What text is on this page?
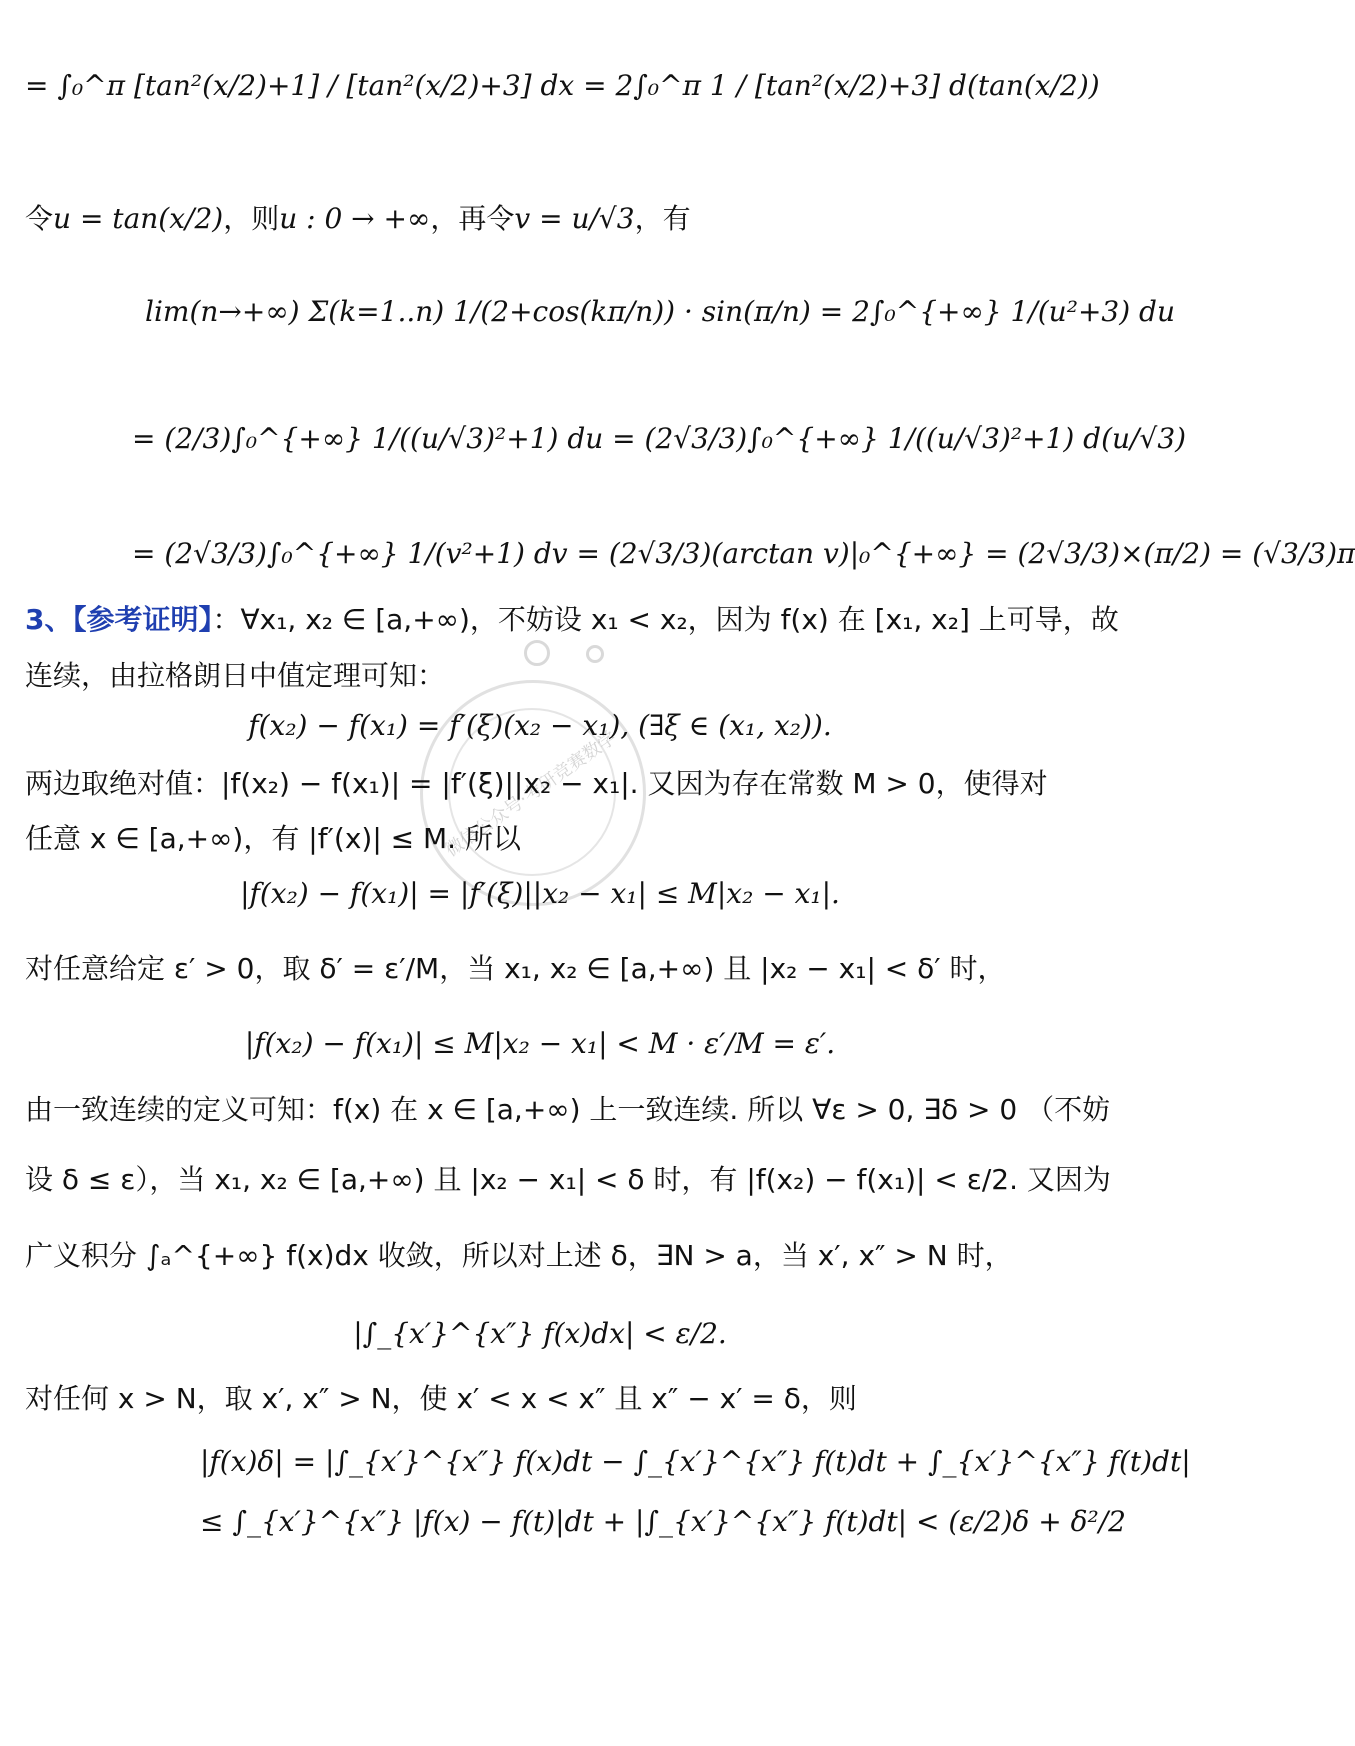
微信公众号·考研竞赛数学
= ∫₀^π [tan²(x/2)+1] / [tan²(x/2)+3] dx = 2∫₀^π 1 / [tan²(x/2)+3] d(tan(x/2))
令u = tan(x/2)，则u : 0 → +∞，再令v = u/√3，有
lim(n→+∞) Σ(k=1..n) 1/(2+cos(kπ/n)) · sin(π/n) = 2∫₀^{+∞} 1/(u²+3) du
= (2/3)∫₀^{+∞} 1/((u/√3)²+1) du = (2√3/3)∫₀^{+∞} 1/((u/√3)²+1) d(u/√3)
= (2√3/3)∫₀^{+∞} 1/(v²+1) dv = (2√3/3)(arctan v)|₀^{+∞} = (2√3/3)×(π/2) = (√3/3)π
3、【参考证明】：∀x₁, x₂ ∈ [a,+∞)，不妨设 x₁ < x₂，因为 f(x) 在 [x₁, x₂] 上可导，故
连续，由拉格朗日中值定理可知：
f(x₂) − f(x₁) = f′(ξ)(x₂ − x₁), (∃ξ ∈ (x₁, x₂)).
两边取绝对值：|f(x₂) − f(x₁)| = |f′(ξ)||x₂ − x₁|. 又因为存在常数 M > 0，使得对
任意 x ∈ [a,+∞)，有 |f′(x)| ≤ M. 所以
|f(x₂) − f(x₁)| = |f′(ξ)||x₂ − x₁| ≤ M|x₂ − x₁|.
对任意给定 ε′ > 0，取 δ′ = ε′/M，当 x₁, x₂ ∈ [a,+∞) 且 |x₂ − x₁| < δ′ 时，
|f(x₂) − f(x₁)| ≤ M|x₂ − x₁| < M · ε′/M = ε′.
由一致连续的定义可知：f(x) 在 x ∈ [a,+∞) 上一致连续. 所以 ∀ε > 0, ∃δ > 0 （不妨
设 δ ≤ ε），当 x₁, x₂ ∈ [a,+∞) 且 |x₂ − x₁| < δ 时，有 |f(x₂) − f(x₁)| < ε/2. 又因为
广义积分 ∫ₐ^{+∞} f(x)dx 收敛，所以对上述 δ，∃N > a，当 x′, x″ > N 时，
|∫_{x′}^{x″} f(x)dx| < ε/2.
对任何 x > N，取 x′, x″ > N，使 x′ < x < x″ 且 x″ − x′ = δ，则
|f(x)δ| = |∫_{x′}^{x″} f(x)dt − ∫_{x′}^{x″} f(t)dt + ∫_{x′}^{x″} f(t)dt|
≤ ∫_{x′}^{x″} |f(x) − f(t)|dt + |∫_{x′}^{x″} f(t)dt| < (ε/2)δ + δ²/2
